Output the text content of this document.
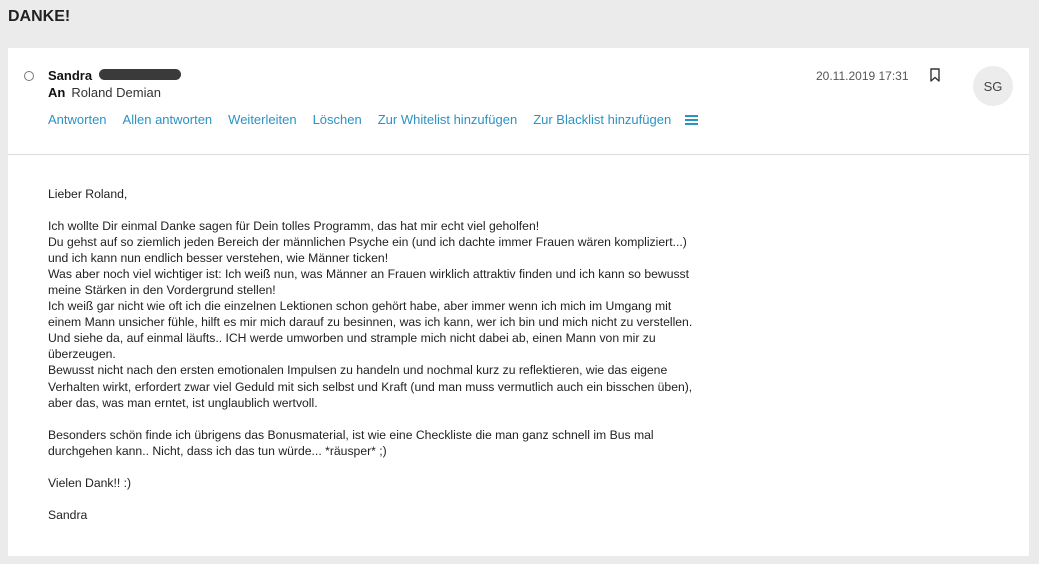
DANKE!
Sandra
An Roland Demian
Antworten Allen antworten Weiterleiten Löschen Zur Whitelist hinzufügen Zur Blacklist hinzufügen
20.11.2019 17:31
SG

Lieber Roland,

Ich wollte Dir einmal Danke sagen für Dein tolles Programm, das hat mir echt viel geholfen!

Du gehst auf so ziemlich jeden Bereich der männlichen Psyche ein (und ich dachte immer Frauen wären kompliziert...)

und ich kann nun endlich besser verstehen, wie Männer ticken!

Was aber noch viel wichtiger ist: Ich weiß nun, was Männer an Frauen wirklich attraktiv finden und ich kann so bewusst

meine Stärken in den Vordergrund stellen!

Ich weiß gar nicht wie oft ich die einzelnen Lektionen schon gehört habe, aber immer wenn ich mich im Umgang mit

einem Mann unsicher fühle, hilft es mir mich darauf zu besinnen, was ich kann, wer ich bin und mich nicht zu verstellen.

Und siehe da, auf einmal läufts.. ICH werde umworben und strample mich nicht dabei ab, einen Mann von mir zu

überzeugen.

Bewusst nicht nach den ersten emotionalen Impulsen zu handeln und nochmal kurz zu reflektieren, wie das eigene

Verhalten wirkt, erfordert zwar viel Geduld mit sich selbst und Kraft (und man muss vermutlich auch ein bisschen üben),

aber das, was man erntet, ist unglaublich wertvoll.

Besonders schön finde ich übrigens das Bonusmaterial, ist wie eine Checkliste die man ganz schnell im Bus mal

durchgehen kann.. Nicht, dass ich das tun würde... *räusper* ;)

Vielen Dank!! :)

Sandra
